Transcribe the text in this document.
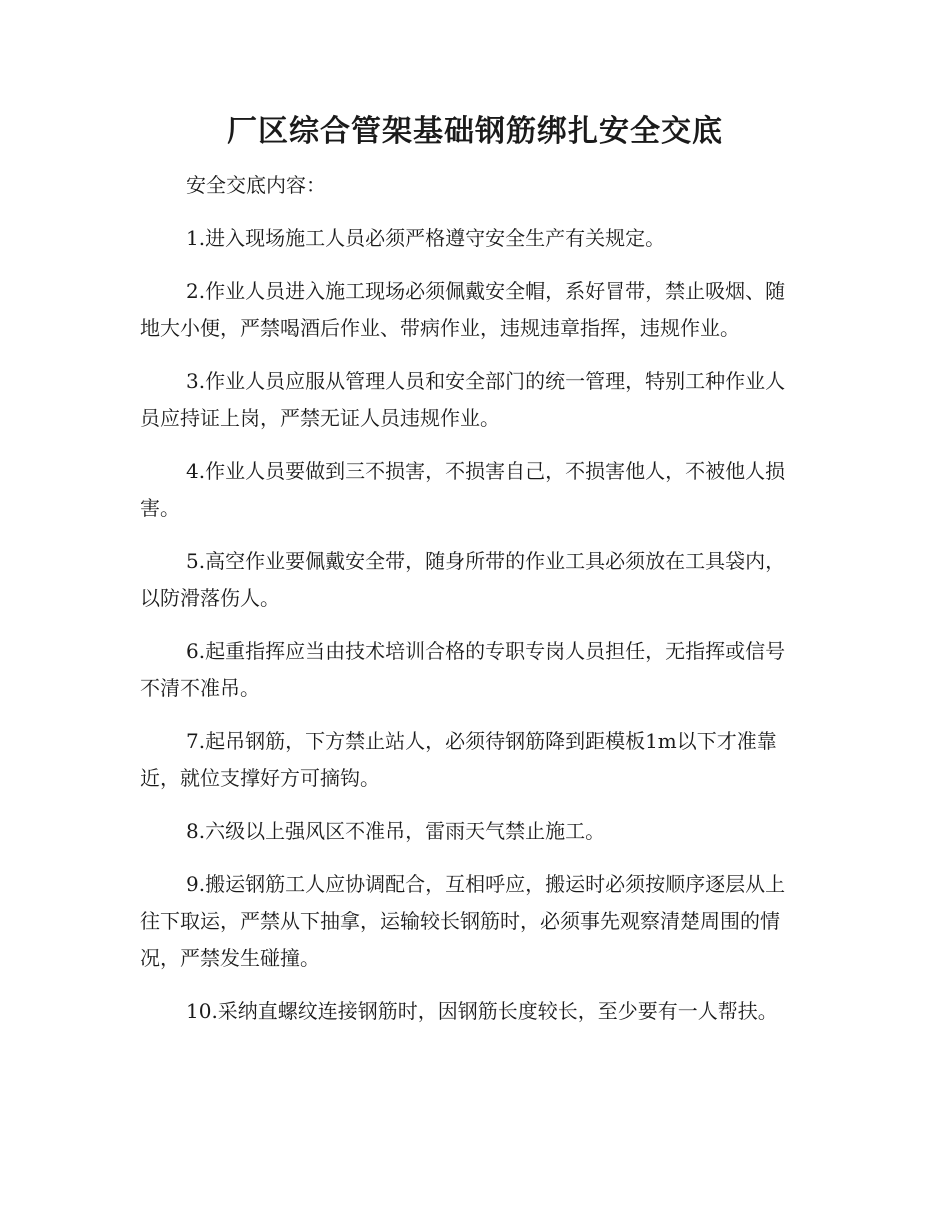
厂区综合管架基础钢筋绑扎安全交底

安全交底内容：

1.进入现场施工人员必须严格遵守安全生产有关规定。

2.作业人员进入施工现场必须佩戴安全帽，系好冒带，禁止吸烟、随地大小便，严禁喝酒后作业、带病作业，违规违章指挥，违规作业。

3.作业人员应服从管理人员和安全部门的统一管理，特别工种作业人员应持证上岗，严禁无证人员违规作业。

4.作业人员要做到三不损害，不损害自己，不损害他人，不被他人损害。

5.高空作业要佩戴安全带，随身所带的作业工具必须放在工具袋内，以防滑落伤人。

6.起重指挥应当由技术培训合格的专职专岗人员担任，无指挥或信号不清不准吊。

7.起吊钢筋，下方禁止站人，必须待钢筋降到距模板1m以下才准靠近，就位支撑好方可摘钩。

8.六级以上强风区不准吊，雷雨天气禁止施工。

9.搬运钢筋工人应协调配合，互相呼应，搬运时必须按顺序逐层从上往下取运，严禁从下抽拿，运输较长钢筋时，必须事先观察清楚周围的情况，严禁发生碰撞。

10.采纳直螺纹连接钢筋时，因钢筋长度较长，至少要有一人帮扶。
